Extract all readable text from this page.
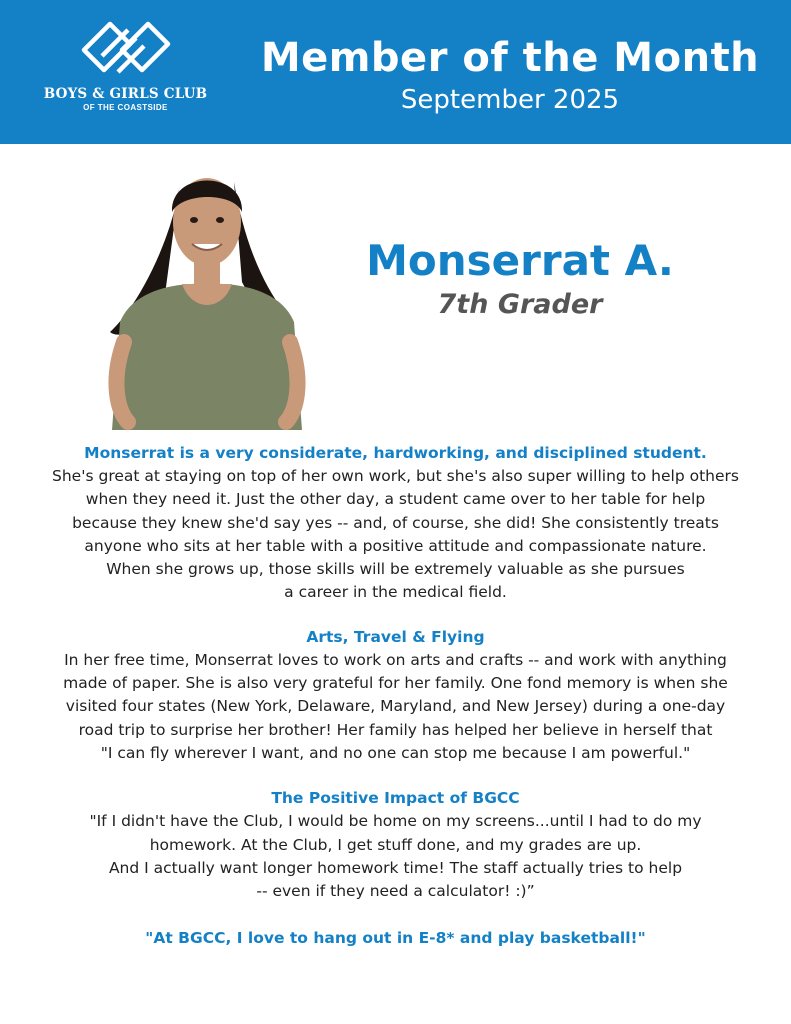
BOYS & GIRLS CLUB
OF THE COASTSIDE
Member of the Month
September 2025
Monserrat A.
7th Grader
Monserrat is a very considerate, hardworking, and disciplined student.

She's great at staying on top of her own work, but she's also super willing to help others

when they need it. Just the other day, a student came over to her table for help

because they knew she'd say yes -- and, of course, she did! She consistently treats

anyone who sits at her table with a positive attitude and compassionate nature.

When she grows up, those skills will be extremely valuable as she pursues

a career in the medical field.

Arts, Travel & Flying

In her free time, Monserrat loves to work on arts and crafts -- and work with anything

made of paper. She is also very grateful for her family. One fond memory is when she

visited four states (New York, Delaware, Maryland, and New Jersey) during a one-day

road trip to surprise her brother! Her family has helped her believe in herself that

"I can fly wherever I want, and no one can stop me because I am powerful."

The Positive Impact of BGCC

"If I didn't have the Club, I would be home on my screens...until I had to do my

homework. At the Club, I get stuff done, and my grades are up.

And I actually want longer homework time! The staff actually tries to help

-- even if they need a calculator! :)”

"At BGCC, I love to hang out in E-8* and play basketball!"
